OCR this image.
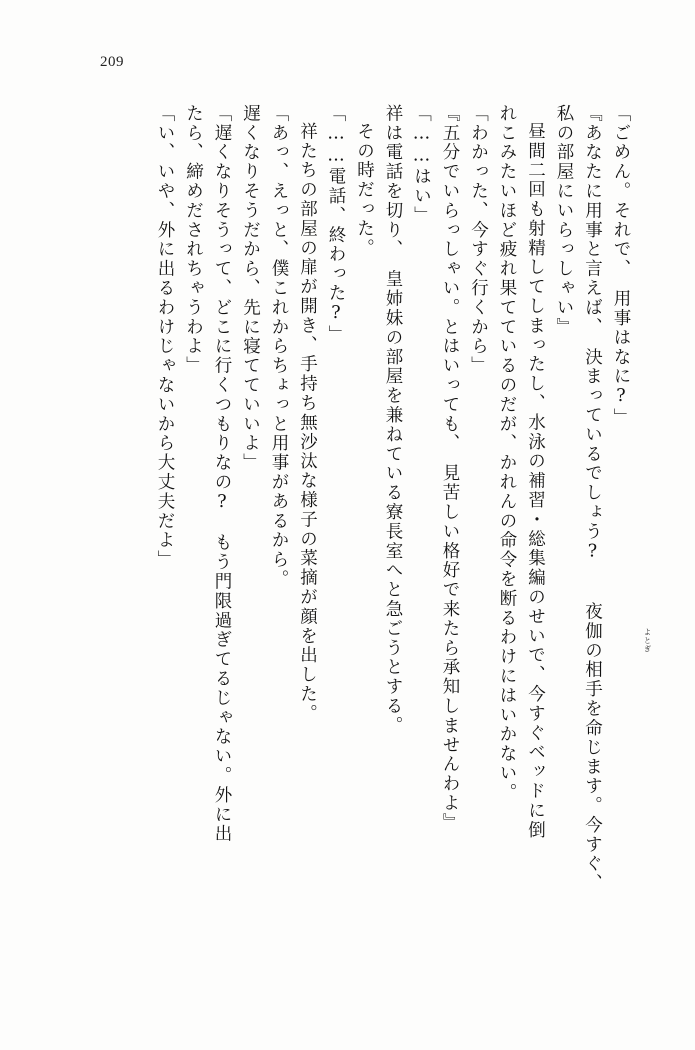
209
「い、いや、外に出るわけじゃないから大丈夫だよ」 たら、締めだされちゃうわよ」 「遅くなりそうって、どこに行くつもりなの?　もう門限過ぎてるじゃない。外に出 遅くなりそうだから、先に寝てていいよ」 「あっ、えっと、僕これからちょっと用事があるから。 祥たちの部屋の扉が開き、手持ち無沙汰な様子の菜摘が顔を出した。 「……電話、終わった?」 その時だった。 祥は電話を切り、　皇姉妹の部屋を兼ねている寮長室へと急ごうとする。 「……はい」 『五分でいらっしゃい。とはいっても、　見苦しい格好で来たら承知しませんわよ』 「わかった、今すぐ行くから」 れこみたいほど疲れ果てているのだが、かれんの命令を断るわけにはいかない。 昼間二回も射精してしまったし、水泳の補習・総集編のせいで、今すぐベッドに倒 私の部屋にいらっしゃい』 『あなたに用事と言えば、　決まっているでしょう?　　夜伽の相手を命じます。今すぐ、 「ごめん。それで、　用事はなに?」
よとぎ
